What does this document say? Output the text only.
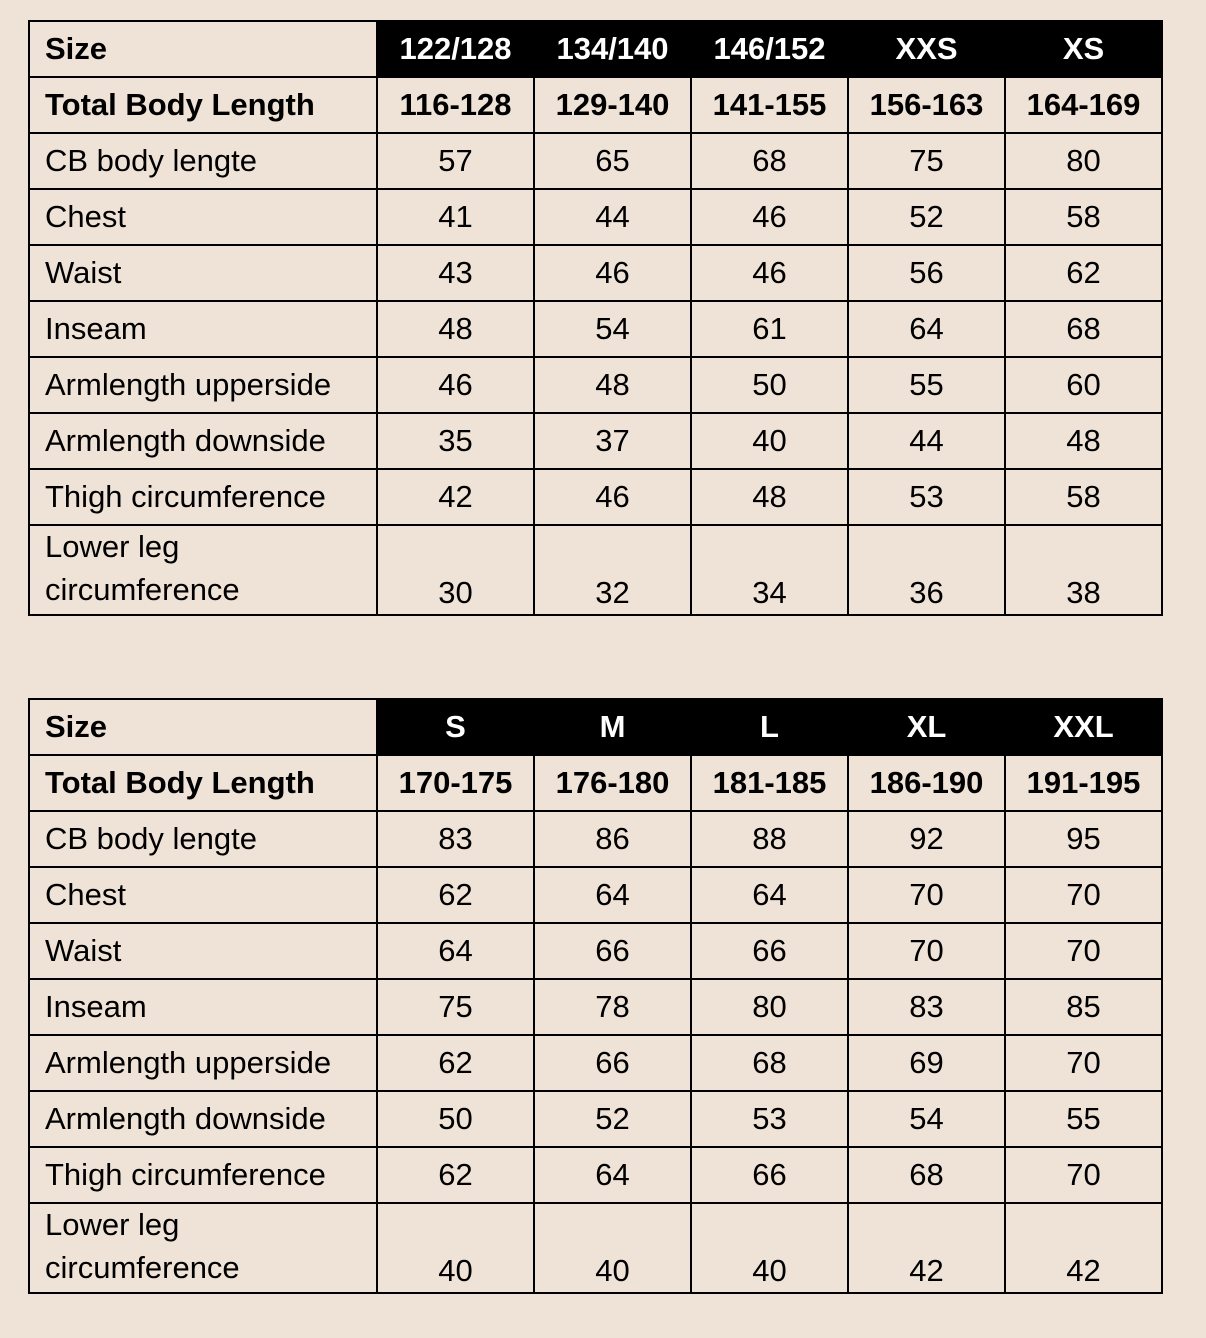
Size	122/128	134/140	146/152	XXS	XS
Total Body Length	116-128	129-140	141-155	156-163	164-169
CB body lengte	57	65	68	75	80
Chest	41	44	46	52	58
Waist	43	46	46	56	62
Inseam	48	54	61	64	68
Armlength upperside	46	48	50	55	60
Armlength downside	35	37	40	44	48
Thigh circumference	42	46	48	53	58
Lower leg
circumference	30	32	34	36	38
Size	S	M	L	XL	XXL
Total Body Length	170-175	176-180	181-185	186-190	191-195
CB body lengte	83	86	88	92	95
Chest	62	64	64	70	70
Waist	64	66	66	70	70
Inseam	75	78	80	83	85
Armlength upperside	62	66	68	69	70
Armlength downside	50	52	53	54	55
Thigh circumference	62	64	66	68	70
Lower leg
circumference	40	40	40	42	42
